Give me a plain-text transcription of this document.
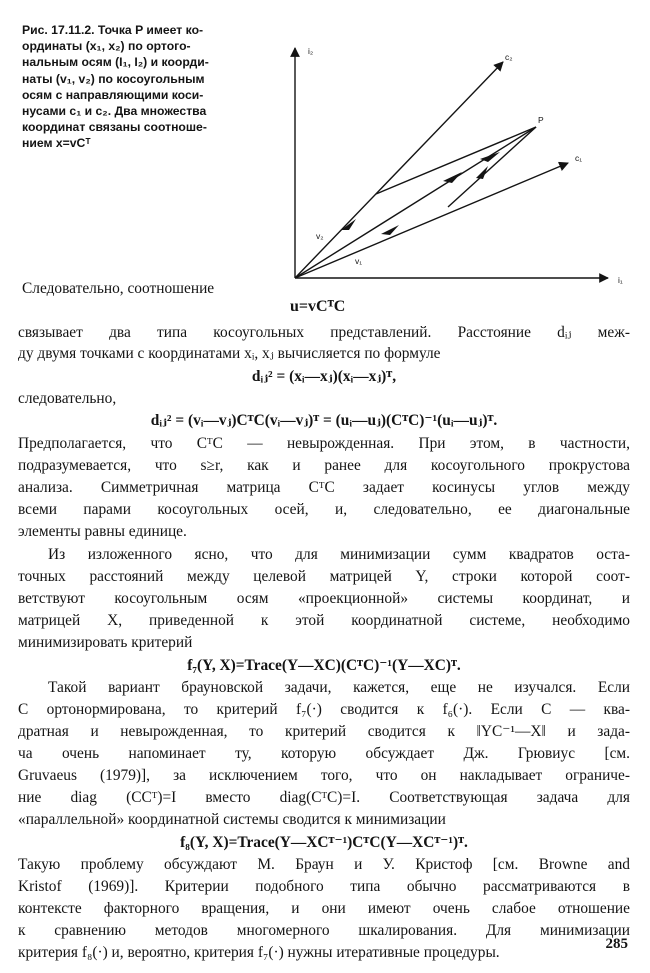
Рис. 17.11.2. Точка P имеет ко-
ординаты (x₁, x₂) по ортого-
нальным осям (I₁, I₂) и коорди-
наты (v₁, v₂) по косоугольным
осям с направляющими коси-
нусами c₁ и c₂. Два множества
координат связаны соотноше-
нием x=vCᵀ
i₂
i₁
c₂
c₁
P
v₂
v₁
Следовательно, соотношение
u=vCᵀC
связывает два типа косоугольных представлений. Расстояние dᵢⱼ меж-
ду двумя точками с координатами xᵢ, xⱼ вычисляется по формуле
dᵢⱼ² = (xᵢ—xⱼ)(xᵢ—xⱼ)ᵀ,
следовательно,
dᵢⱼ² = (vᵢ—vⱼ)CᵀC(vᵢ—vⱼ)ᵀ = (uᵢ—uⱼ)(CᵀC)⁻¹(uᵢ—uⱼ)ᵀ.
Предполагается, что CᵀC — невырожденная. При этом, в частности,
подразумевается, что s≥r, как и ранее для косоугольного прокрустова
анализа. Симметричная матрица CᵀC задает косинусы углов между
всеми парами косоугольных осей, и, следовательно, ее диагональные
элементы равны единице.
Из изложенного ясно, что для минимизации сумм квадратов оста-
точных расстояний между целевой матрицей Y, строки которой соот-
ветствуют косоугольным осям «проекционной» системы координат, и
матрицей X, приведенной к этой координатной системе, необходимо
минимизировать критерий
f₇(Y, X)=Trace(Y—XC)(CᵀC)⁻¹(Y—XC)ᵀ.
Такой вариант брауновской задачи, кажется, еще не изучался. Если
C ортонормирована, то критерий f₇(·) сводится к f₆(·). Если C — ква-
дратная и невырожденная, то критерий сводится к ‖YC⁻¹—X‖ и зада-
ча очень напоминает ту, которую обсуждает Дж. Грювиус [см.
Gruvaeus (1979)], за исключением того, что он накладывает ограниче-
ние diag (CCᵀ)=I вместо diag(CᵀC)=I. Соответствующая задача для
«параллельной» координатной системы сводится к минимизации
f₈(Y, X)=Trace(Y—XCᵀ⁻¹)CᵀC(Y—XCᵀ⁻¹)ᵀ.
Такую проблему обсуждают М. Браун и У. Кристоф [см. Browne and
Kristof (1969)]. Критерии подобного типа обычно рассматриваются в
контексте факторного вращения, и они имеют очень слабое отношение
к сравнению методов многомерного шкалирования. Для минимизации
критерия f₈(·) и, вероятно, критерия f₇(·) нужны итеративные процедуры.	285
